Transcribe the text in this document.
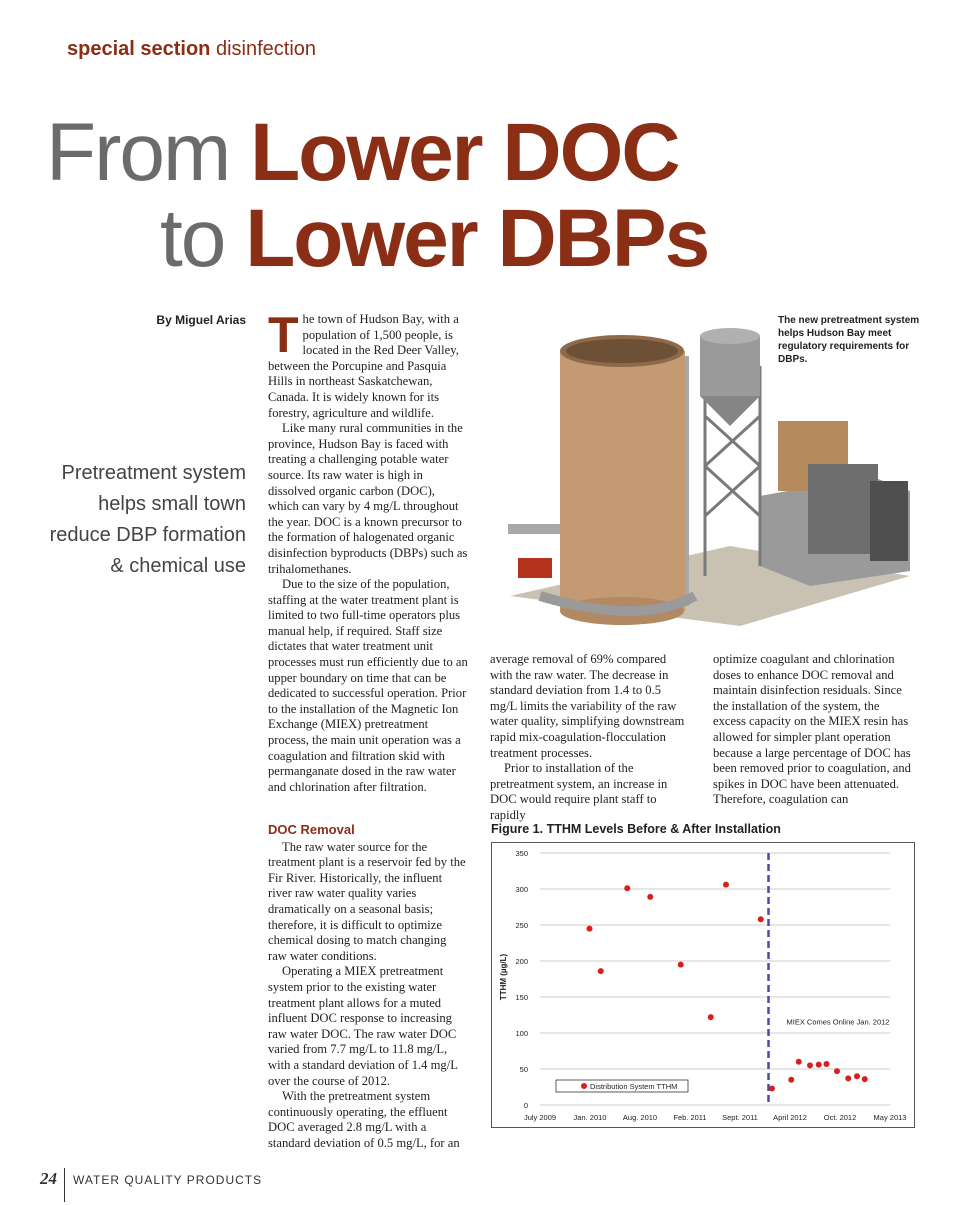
special section disinfection
From Lower DOC
to Lower DBPs
By Miguel Arias
Pretreatment system
helps small town
reduce DBP formation
& chemical use

The town of Hudson Bay, with a population of 1,500 people, is located in the Red Deer Valley, between the Porcupine and Pasquia Hills in northeast Saskatchewan, Canada. It is widely known for its forestry, agriculture and wildlife.

Like many rural communities in the province, Hudson Bay is faced with treating a challenging potable water source. Its raw water is high in dissolved organic carbon (DOC), which can vary by 4 mg/L throughout the year. DOC is a known precursor to the formation of halogenated organic disinfection byproducts (DBPs) such as trihalomethanes.

Due to the size of the population, staffing at the water treatment plant is limited to two full-time operators plus manual help, if required. Staff size dictates that water treatment unit processes must run efficiently due to an upper boundary on time that can be dedicated to successful operation. Prior to the installation of the Magnetic Ion Exchange (MIEX) pretreatment process, the main unit operation was a coagulation and filtration skid with permanganate dosed in the raw water and chlorination after filtration.

DOC Removal

The raw water source for the treatment plant is a reservoir fed by the Fir River. Historically, the influent river raw water quality varies dramatically on a seasonal basis; therefore, it is difficult to optimize chemical dosing to match changing raw water conditions.

Operating a MIEX pretreatment system prior to the existing water treatment plant allows for a muted influent DOC response to increasing raw water DOC. The raw water DOC varied from 7.7 mg/L to 11.8 mg/L, with a standard deviation of 1.4 mg/L over the course of 2012.

With the pretreatment system continuously operating, the effluent DOC averaged 2.8 mg/L with a standard deviation of 0.5 mg/L, for an

average removal of 69% compared with the raw water. The decrease in standard deviation from 1.4 to 0.5 mg/L limits the variability of the raw water quality, simplifying downstream rapid mix-coagulation-flocculation treatment processes.

Prior to installation of the pretreatment system, an increase in DOC would require plant staff to rapidly

optimize coagulant and chlorination doses to enhance DOC removal and maintain disinfection residuals. Since the installation of the system, the excess capacity on the MIEX resin has allowed for simpler plant operation because a large percentage of DOC has been removed prior to coagulation, and spikes in DOC have been attenuated. Therefore, coagulation can

The new pretreatment system helps Hudson Bay meet regulatory requirements for DBPs.
Figure 1. TTHM Levels Before & After Installation
0
50
100
150
200
250
300
350
July 2009 Jan. 2010 Aug. 2010 Feb. 2011 Sept. 2011 April 2012 Oct. 2012 May 2013
TTHM (µg/L)
MIEX Comes Online Jan. 2012
Distribution System TTHM
24 WATER QUALITY PRODUCTS
